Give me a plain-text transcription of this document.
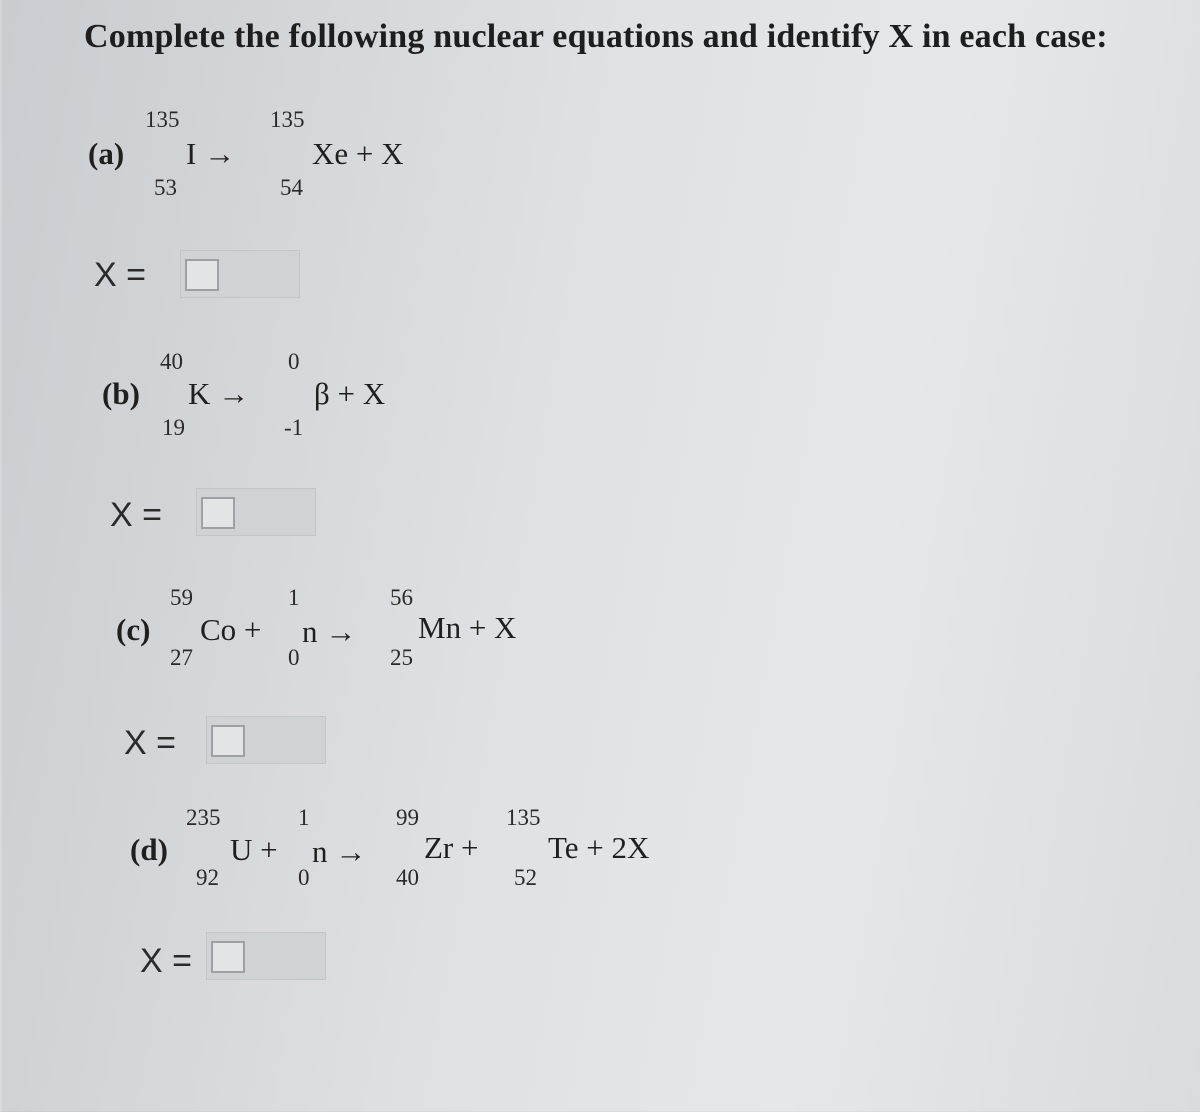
Complete the following nuclear equations and identify X in each case:
(a)
135
I →
53
135
Xe + X
54
X =
(b)
40
K →
19
0
β + X
-1
X =
(c)
59
Co +
27
1
n →
0
56
Mn + X
25
X =
(d)
235
U +
92
1
n →
0
99
Zr +
40
135
Te + 2X
52
X =
